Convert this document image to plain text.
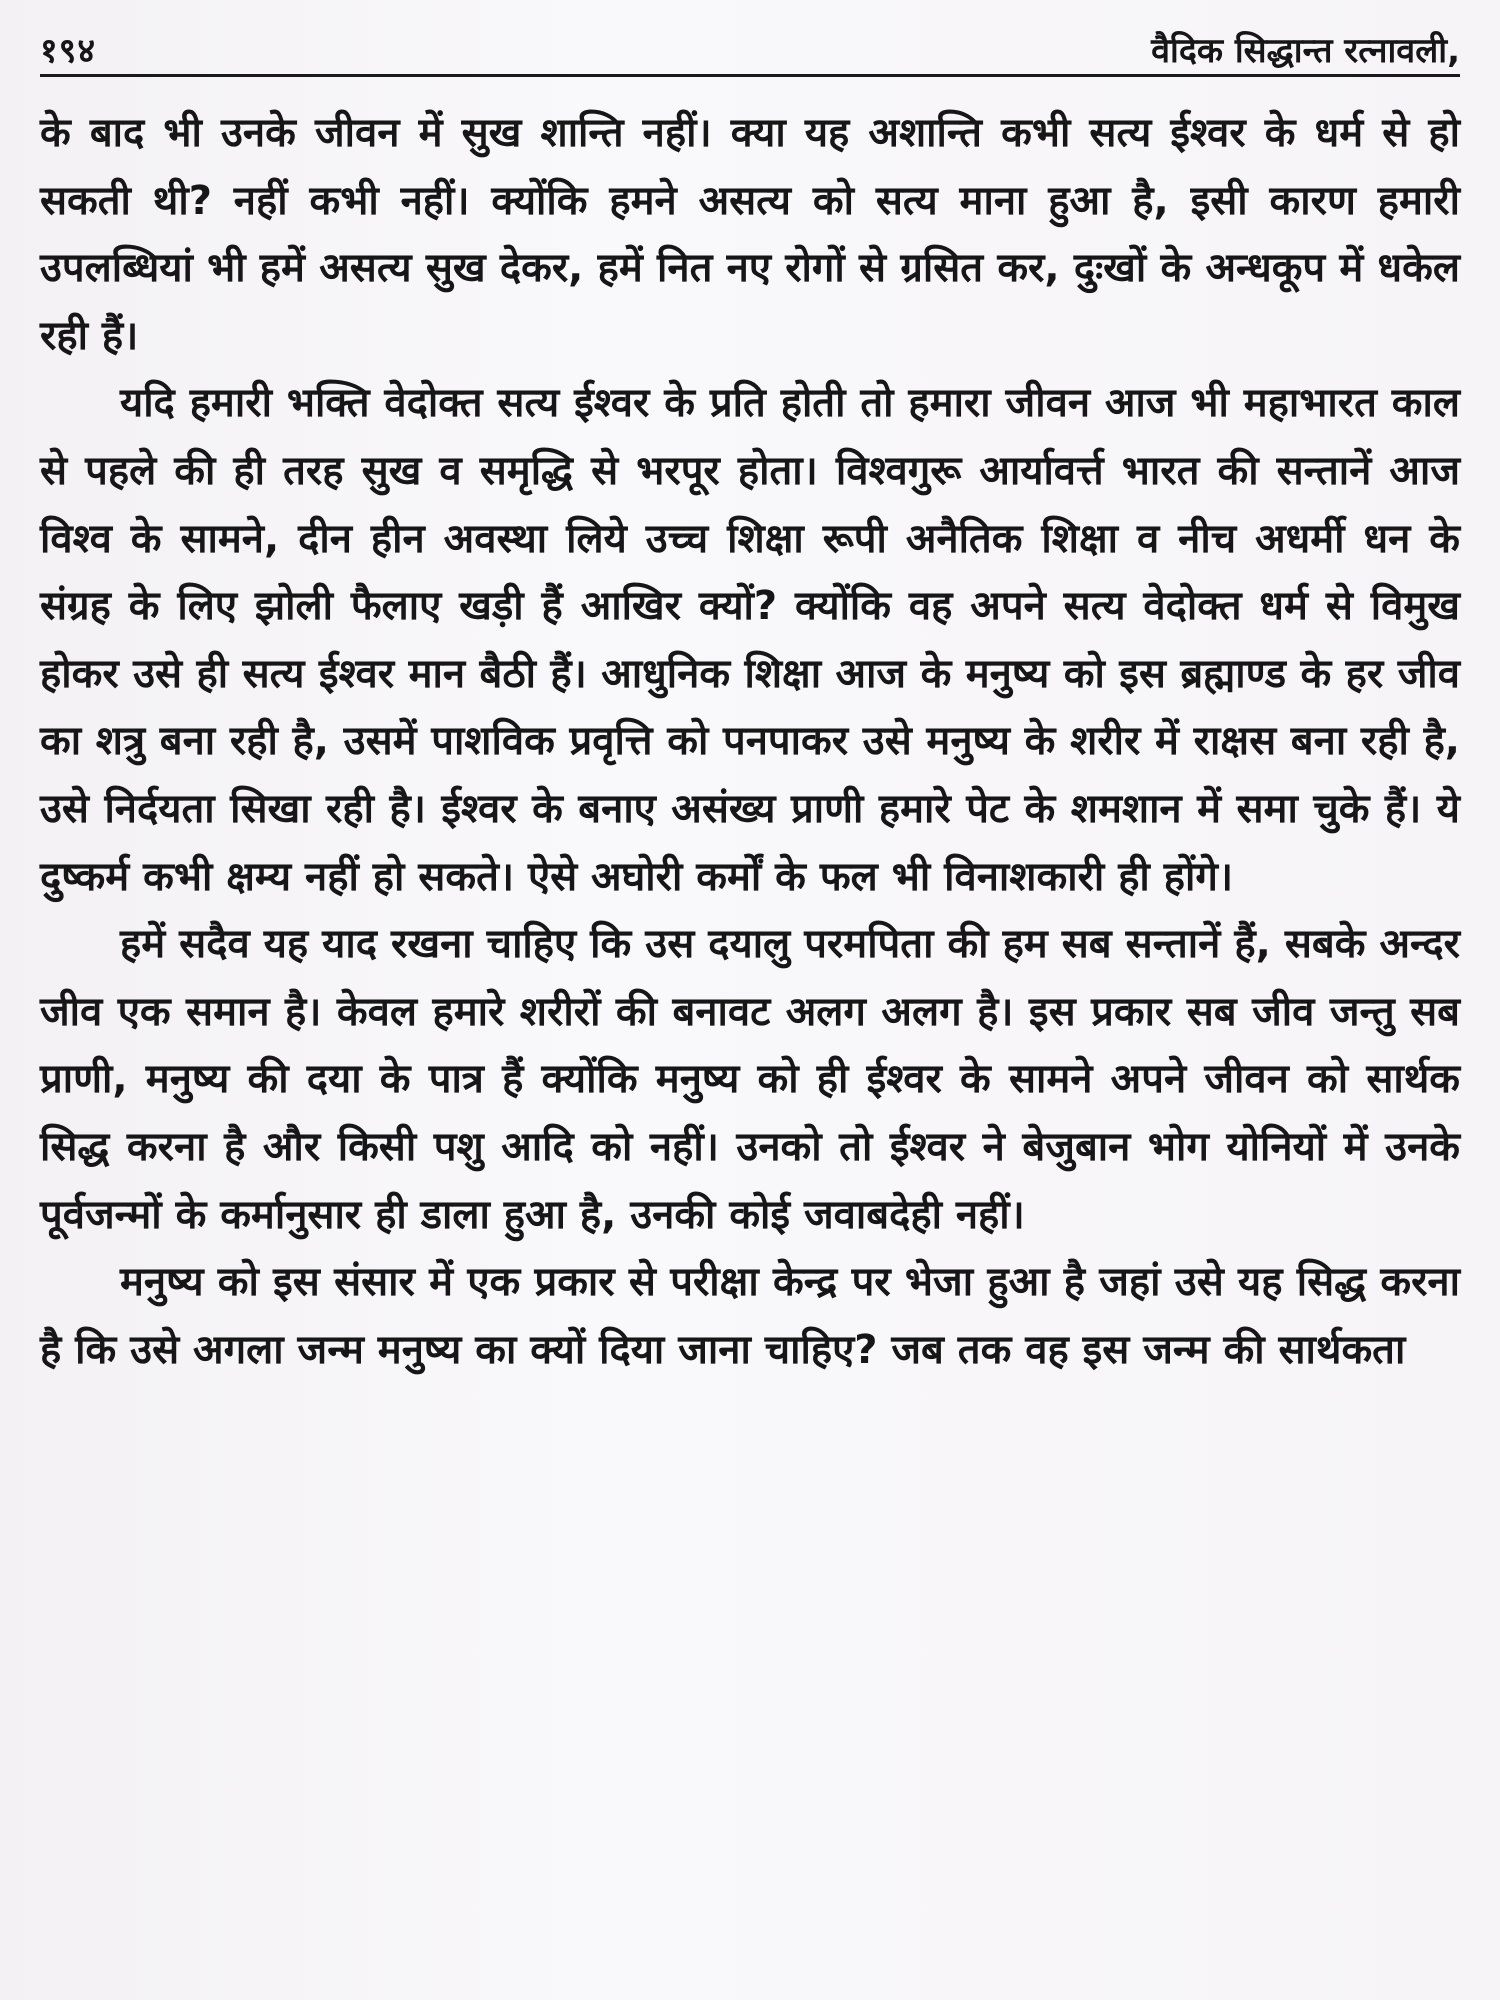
१९४	वैदिक सिद्धान्त रत्नावली,

के बाद भी उनके जीवन में सुख शान्ति नहीं। क्या यह अशान्ति कभी सत्य ईश्वर के धर्म से हो सकती थी? नहीं कभी नहीं। क्योंकि हमने असत्य को सत्य माना हुआ है, इसी कारण हमारी उपलब्धियां भी हमें असत्य सुख देकर, हमें नित नए रोगों से ग्रसित कर, दुःखों के अन्धकूप में धकेल रही हैं।

यदि हमारी भक्ति वेदोक्त सत्य ईश्वर के प्रति होती तो हमारा जीवन आज भी महाभारत काल से पहले की ही तरह सुख व समृद्धि से भरपूर होता। विश्वगुरू आर्यावर्त्त भारत की सन्तानें आज विश्व के सामने, दीन हीन अवस्था लिये उच्च शिक्षा रूपी अनैतिक शिक्षा व नीच अधर्मी धन के संग्रह के लिए झोली फैलाए खड़ी हैं आखिर क्यों? क्योंकि वह अपने सत्य वेदोक्त धर्म से विमुख होकर उसे ही सत्य ईश्वर मान बैठी हैं। आधुनिक शिक्षा आज के मनुष्य को इस ब्रह्माण्ड के हर जीव का शत्रु बना रही है, उसमें पाशविक प्रवृत्ति को पनपाकर उसे मनुष्य के शरीर में राक्षस बना रही है, उसे निर्दयता सिखा रही है। ईश्वर के बनाए असंख्य प्राणी हमारे पेट के शमशान में समा चुके हैं। ये दुष्कर्म कभी क्षम्य नहीं हो सकते। ऐसे अघोरी कर्मों के फल भी विनाशकारी ही होंगे।

हमें सदैव यह याद रखना चाहिए कि उस दयालु परमपिता की हम सब सन्तानें हैं, सबके अन्दर जीव एक समान है। केवल हमारे शरीरों की बनावट अलग अलग है। इस प्रकार सब जीव जन्तु सब प्राणी, मनुष्य की दया के पात्र हैं क्योंकि मनुष्य को ही ईश्वर के सामने अपने जीवन को सार्थक सिद्ध करना है और किसी पशु आदि को नहीं। उनको तो ईश्वर ने बेजुबान भोग योनियों में उनके पूर्वजन्मों के कर्मानुसार ही डाला हुआ है, उनकी कोई जवाबदेही नहीं।

मनुष्य को इस संसार में एक प्रकार से परीक्षा केन्द्र पर भेजा हुआ है जहां उसे यह सिद्ध करना है कि उसे अगला जन्म मनुष्य का क्यों दिया जाना चाहिए? जब तक वह इस जन्म की सार्थकता
